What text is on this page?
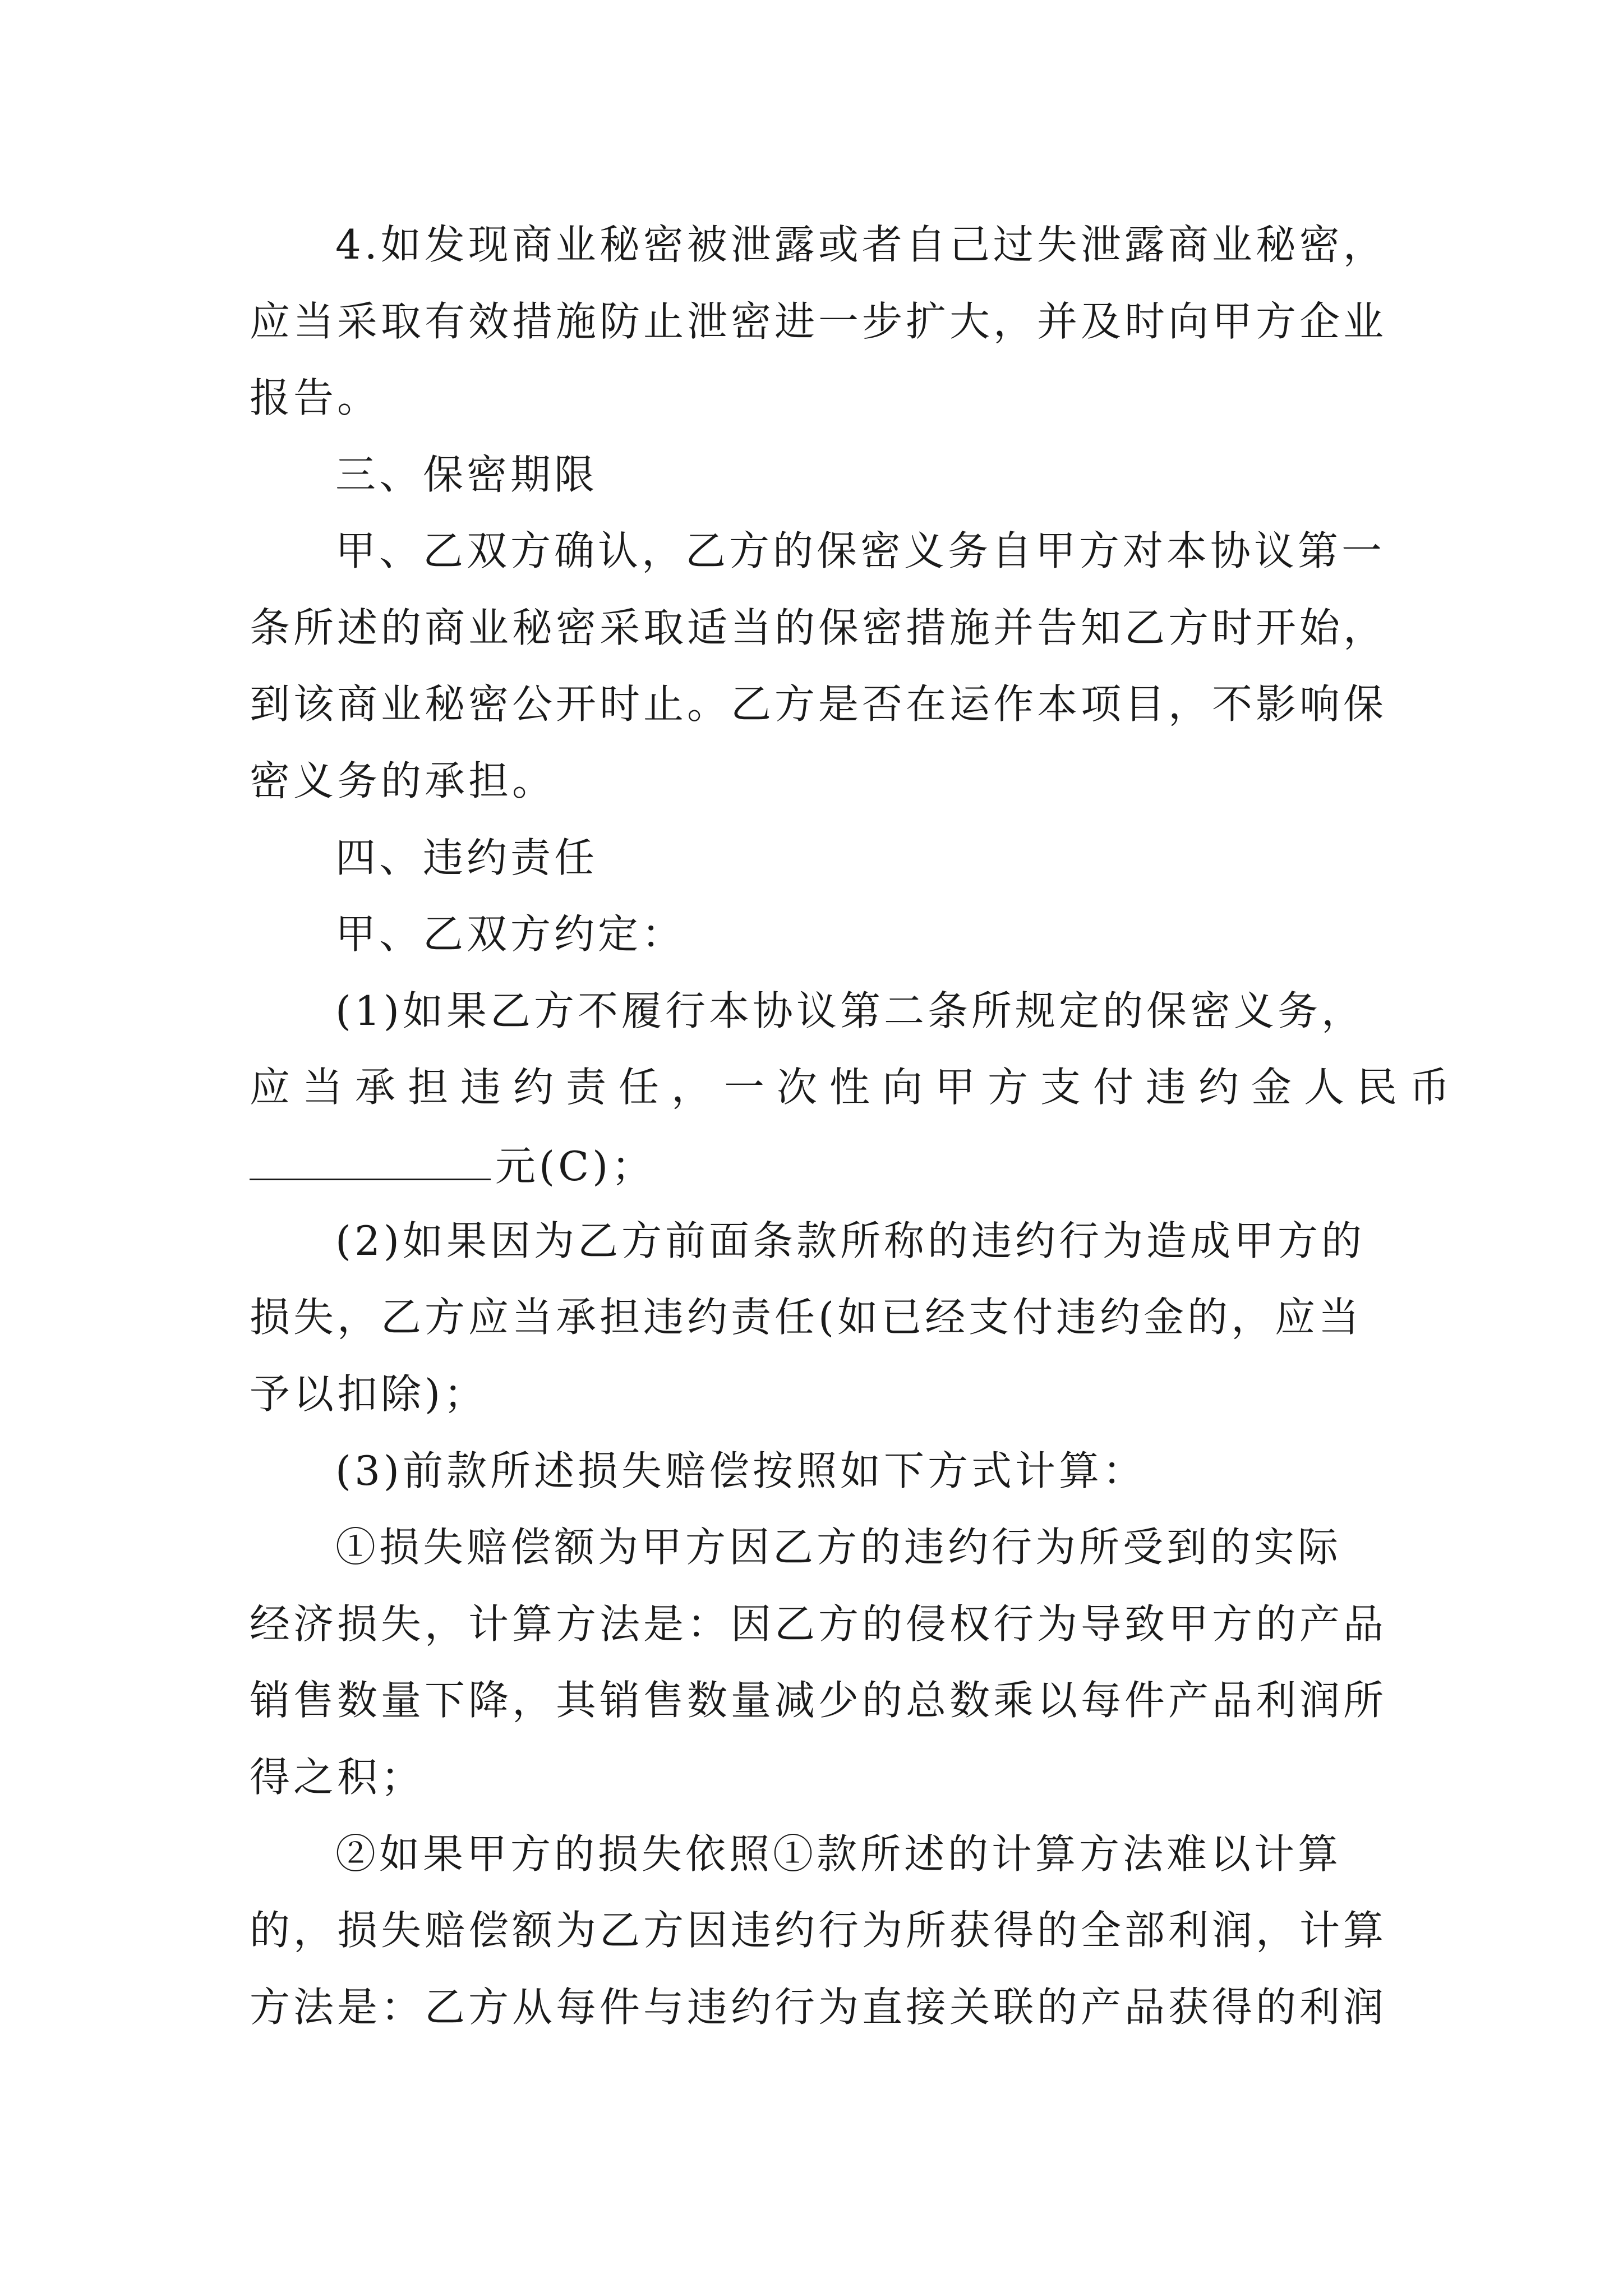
4.如发现商业秘密被泄露或者自己过失泄露商业秘密，
应当采取有效措施防止泄密进一步扩大，并及时向甲方企业
报告。
三、保密期限
甲、乙双方确认，乙方的保密义务自甲方对本协议第一
条所述的商业秘密采取适当的保密措施并告知乙方时开始，
到该商业秘密公开时止。乙方是否在运作本项目，不影响保
密义务的承担。
四、违约责任
甲、乙双方约定：
(1)如果乙方不履行本协议第二条所规定的保密义务，
应当承担违约责任，一次性向甲方支付违约金人民币
元(C)；
(2)如果因为乙方前面条款所称的违约行为造成甲方的
损失，乙方应当承担违约责任(如已经支付违约金的，应当
予以扣除)；
(3)前款所述损失赔偿按照如下方式计算：
①损失赔偿额为甲方因乙方的违约行为所受到的实际
经济损失，计算方法是：因乙方的侵权行为导致甲方的产品
销售数量下降，其销售数量减少的总数乘以每件产品利润所
得之积；
②如果甲方的损失依照①款所述的计算方法难以计算
的，损失赔偿额为乙方因违约行为所获得的全部利润，计算
方法是：乙方从每件与违约行为直接关联的产品获得的利润
